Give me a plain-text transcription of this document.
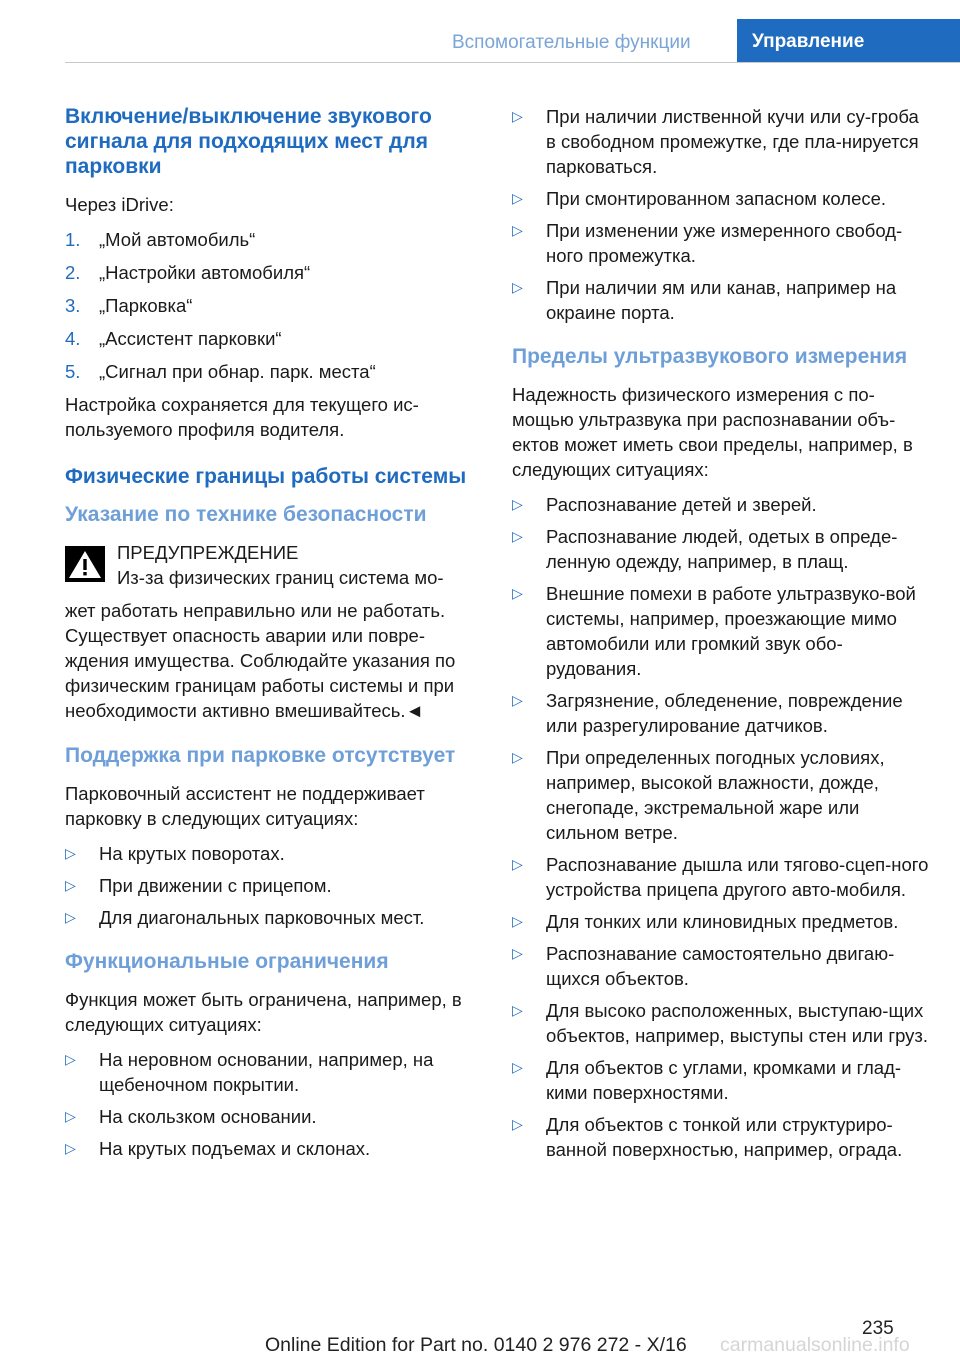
Вспомогательные функции	Управление
Включение/выключение звукового сигнала для подходящих мест для парковки
Через iDrive:
1.	„Мой автомобиль“
2.	„Настройки автомобиля“
3.	„Парковка“
4.	„Ассистент парковки“
5.	„Сигнал при обнар. парк. места“
Настройка сохраняется для текущего ис-пользуемого профиля водителя.
Физические границы работы системы
Указание по технике безопасности
ПРЕДУПРЕЖДЕНИЕ
Из-за физических границ система мо-
жет работать неправильно или не работать. Существует опасность аварии или повре-ждения имущества. Соблюдайте указания по физическим границам работы системы и при необходимости активно вмешивайтесь.◄
Поддержка при парковке отсутствует
Парковочный ассистент не поддерживает парковку в следующих ситуациях:
▷	На крутых поворотах.
▷	При движении с прицепом.
▷	Для диагональных парковочных мест.
Функциональные ограничения
Функция может быть ограничена, например, в следующих ситуациях:
▷	На неровном основании, например, на щебеночном покрытии.
▷	На скользком основании.
▷	На крутых подъемах и склонах.
▷	При наличии лиственной кучи или су-гроба в свободном промежутке, где пла-нируется парковаться.
▷	При смонтированном запасном колесе.
▷	При изменении уже измеренного свобод-ного промежутка.
▷	При наличии ям или канав, например на окраине порта.
Пределы ультразвукового измерения
Надежность физического измерения с по-мощью ультразвука при распознавании объ-ектов может иметь свои пределы, например, в следующих ситуациях:
▷	Распознавание детей и зверей.
▷	Распознавание людей, одетых в опреде-ленную одежду, например, в плащ.
▷	Внешние помехи в работе ультразвуко-вой системы, например, проезжающие мимо автомобили или громкий звук обо-рудования.
▷	Загрязнение, обледенение, повреждение или разрегулирование датчиков.
▷	При определенных погодных условиях, например, высокой влажности, дожде, снегопаде, экстремальной жаре или сильном ветре.
▷	Распознавание дышла или тягово-сцеп-ного устройства прицепа другого авто-мобиля.
▷	Для тонких или клиновидных предметов.
▷	Распознавание самостоятельно двигаю-щихся объектов.
▷	Для высоко расположенных, выступаю-щих объектов, например, выступы стен или груз.
▷	Для объектов с углами, кромками и глад-кими поверхностями.
▷	Для объектов с тонкой или структуриро-ванной поверхностью, например, ограда.
235
Online Edition for Part no. 0140 2 976 272 - X/16 carmanualsonline.info
